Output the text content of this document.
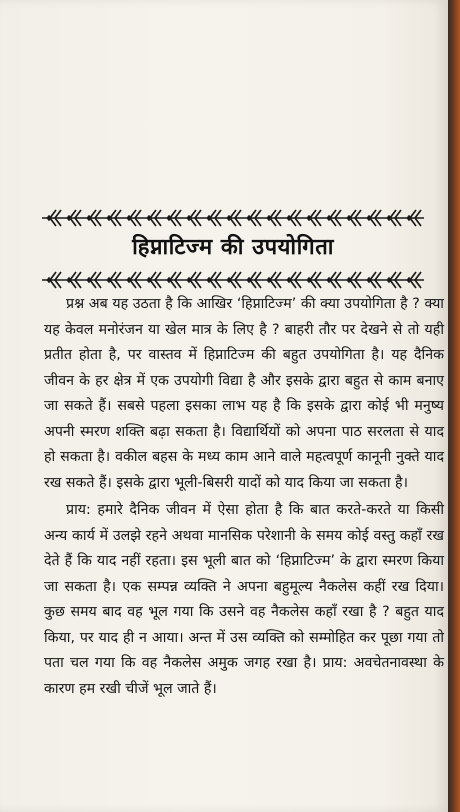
हिप्नाटिज्म की उपयोगिता

प्रश्न अब यह उठता है कि आखिर ‘हिप्नाटिज्म’ की क्या उपयोगिता है ? क्या यह केवल मनोरंजन या खेल मात्र के लिए है ? बाहरी तौर पर देखने से तो यही प्रतीत होता है, पर वास्तव में हिप्नाटिज्म की बहुत उपयोगिता है। यह दैनिक जीवन के हर क्षेत्र में एक उपयोगी विद्या है और इसके द्वारा बहुत से काम बनाए जा सकते हैं। सबसे पहला इसका लाभ यह है कि इसके द्वारा कोई भी मनुष्य अपनी स्मरण शक्ति बढ़ा सकता है। विद्यार्थियों को अपना पाठ सरलता से याद हो सकता है। वकील बहस के मध्य काम आने वाले महत्वपूर्ण कानूनी नुक्ते याद रख सकते हैं। इसके द्वारा भूली-बिसरी यादों को याद किया जा सकता है।

प्राय: हमारे दैनिक जीवन में ऐसा होता है कि बात करते-करते या किसी अन्य कार्य में उलझे रहने अथवा मानसिक परेशानी के समय कोई वस्तु कहाँ रख देते हैं कि याद नहीं रहता। इस भूली बात को ‘हिप्नाटिज्म’ के द्वारा स्मरण किया जा सकता है। एक सम्पन्न व्यक्ति ने अपना बहुमूल्य नैकलेस कहीं रख दिया। कुछ समय बाद वह भूल गया कि उसने वह नैकलेस कहाँ रखा है ? बहुत याद किया, पर याद ही न आया। अन्त में उस व्यक्ति को सम्मोहित कर पूछा गया तो पता चल गया कि वह नैकलेस अमुक जगह रखा है। प्राय: अवचेतनावस्था के कारण हम रखी चीजें भूल जाते हैं।
